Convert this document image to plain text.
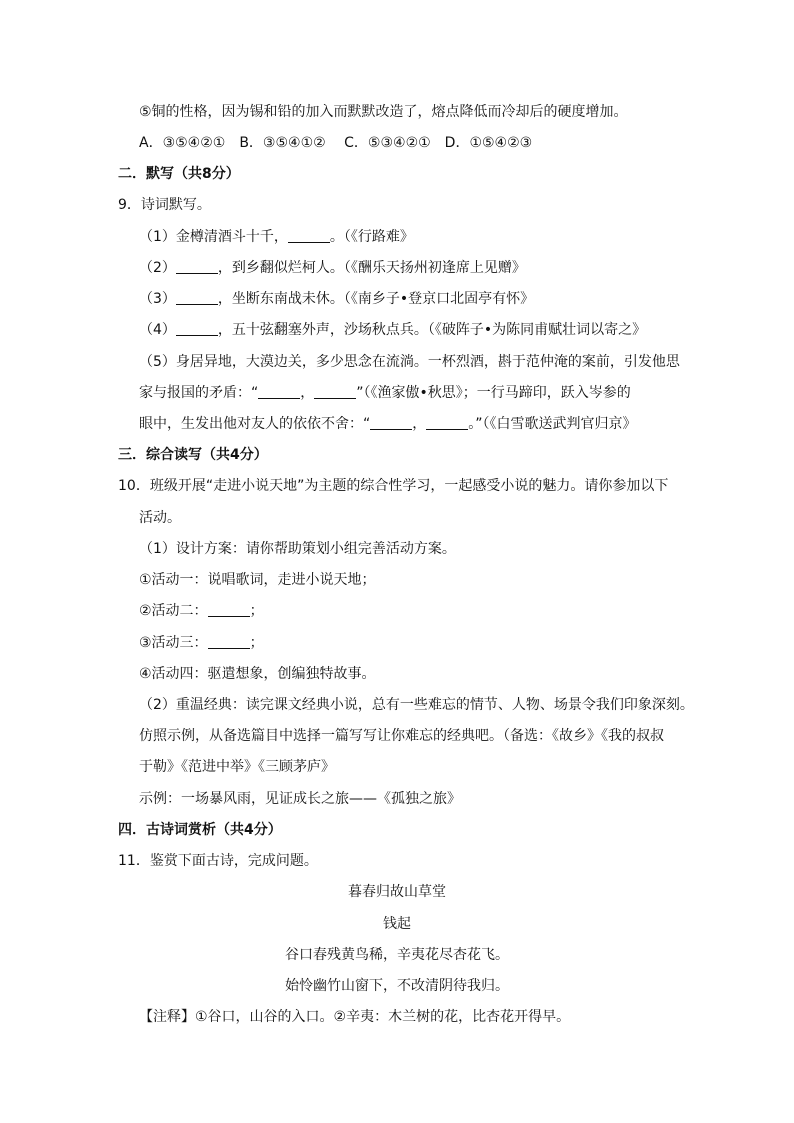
⑤铜的性格，因为锡和铅的加入而默默改造了，熔点降低而冷却后的硬度增加。
A．③⑤④②①　B．③⑤④①②　 C．⑤③④②①　D．①⑤④②③
二．默写（共8分）
9．诗词默写。
（1）金樽清酒斗十千，	。（《行路难》
（2）	，到乡翻似烂柯人。（《酬乐天扬州初逢席上见赠》
（3）	，坐断东南战未休。（《南乡子•登京口北固亭有怀》
（4）	，五十弦翻塞外声，沙场秋点兵。（《破阵子•为陈同甫赋壮词以寄之》
（5）身居异地，大漠边关，多少思念在流淌。一杯烈酒，斟于范仲淹的案前，引发他思
家与报国的矛盾：“	，	”（《渔家傲•秋思》；一行马蹄印，跃入岑参的
眼中，生发出他对友人的依依不舍：“	，	。”（《白雪歌送武判官归京》
三．综合读写（共4分）
10．班级开展“走进小说天地”为主题的综合性学习，一起感受小说的魅力。请你参加以下
活动。
（1）设计方案：请你帮助策划小组完善活动方案。
①活动一：说唱歌词，走进小说天地；
②活动二：	；
③活动三：	；
④活动四：驱遣想象，创编独特故事。
（2）重温经典：读完课文经典小说，总有一些难忘的情节、人物、场景令我们印象深刻。
仿照示例，从备选篇目中选择一篇写写让你难忘的经典吧。（备选：《故乡》《我的叔叔
于勒》《范进中举》《三顾茅庐》
示例：一场暴风雨，见证成长之旅——《孤独之旅》
四．古诗词赏析（共4分）
11．鉴赏下面古诗，完成问题。
暮春归故山草堂
钱起
谷口春残黄鸟稀，辛夷花尽杏花飞。
始怜幽竹山窗下，不改清阴待我归。
【注释】①谷口，山谷的入口。②辛夷：木兰树的花，比杏花开得早。
